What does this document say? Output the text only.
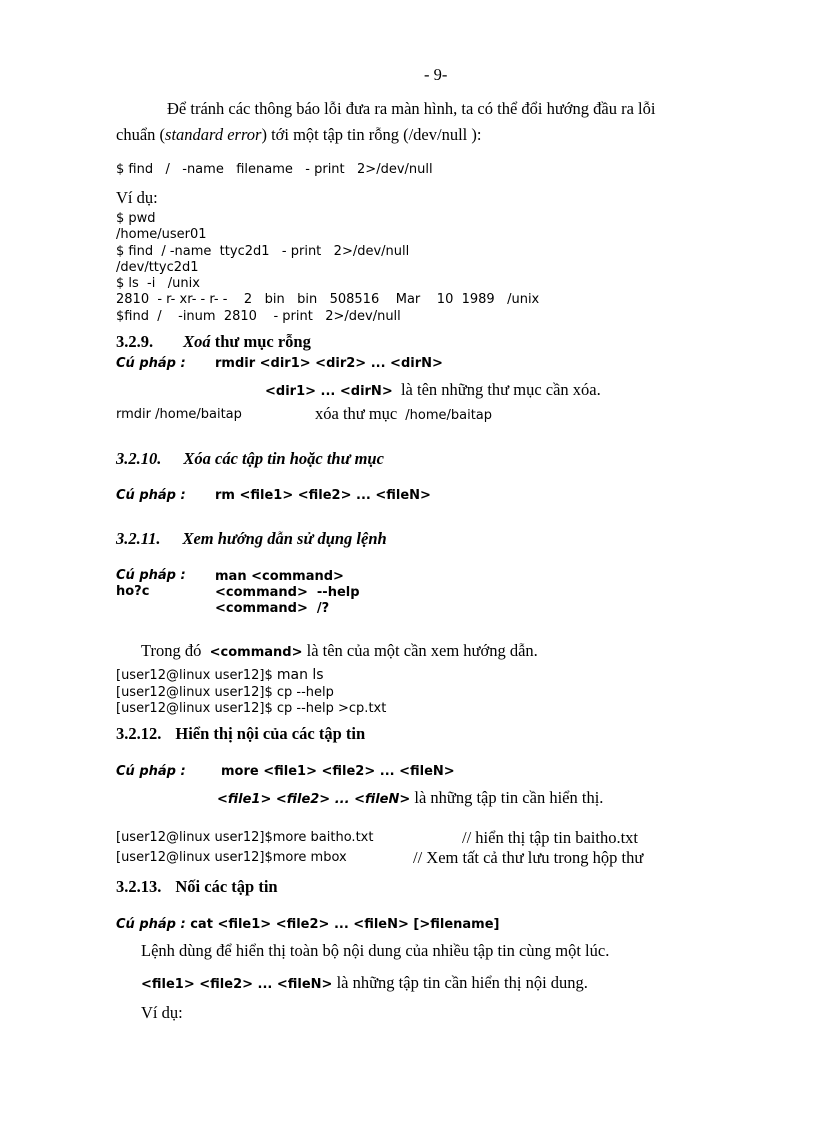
- 9-
Để tránh các thông báo lỗi đưa ra màn hình, ta có thể đổi hướng đầu ra lỗi
chuẩn (standard error) tới một tập tin rỗng (/dev/null ):
$ find   /   -name   filename   - print   2>/dev/null
Ví dụ:
$ pwd
/home/user01
$ find  / -name  ttyc2d1   - print   2>/dev/null
/dev/ttyc2d1
$ ls  -i   /unix
2810  - r- xr- - r- -    2   bin   bin   508516    Mar    10  1989   /unix
$find  /    -inum  2810    - print   2>/dev/null
3.2.9. Xoá thư mục rỗng
Cú pháp : rmdir <dir1> <dir2> ... <dirN>
<dir1> ... <dirN>  là tên những thư mục cần xóa.
rmdir /home/baitap	xóa thư mục /home/baitap
3.2.10. Xóa các tập tin hoặc thư mục
Cú pháp : rm <file1> <file2> ... <fileN>
3.2.11. Xem hướng dẫn sử dụng lệnh
Cú pháp :
ho?c
man <command>
<command>  --help
<command>  /?
Trong đó  <command> là tên của một cần xem hướng dẫn.
[user12@linux user12]$ man ls
[user12@linux user12]$ cp --help
[user12@linux user12]$ cp --help >cp.txt
3.2.12. Hiển thị nội của các tập tin
Cú pháp :	more <file1> <file2> ... <fileN>
<file1> <file2> ... <fileN> là những tập tin cần hiển thị.
[user12@linux user12]$more baitho.txt	// hiển thị tập tin baitho.txt
[user12@linux user12]$more mbox	// Xem tất cả thư lưu trong hộp thư
3.2.13. Nối các tập tin
Cú pháp : cat <file1> <file2> ... <fileN> [>filename]
Lệnh dùng để hiển thị toàn bộ nội dung của nhiều tập tin cùng một lúc.
<file1> <file2> ... <fileN> là những tập tin cần hiển thị nội dung.
Ví dụ:
